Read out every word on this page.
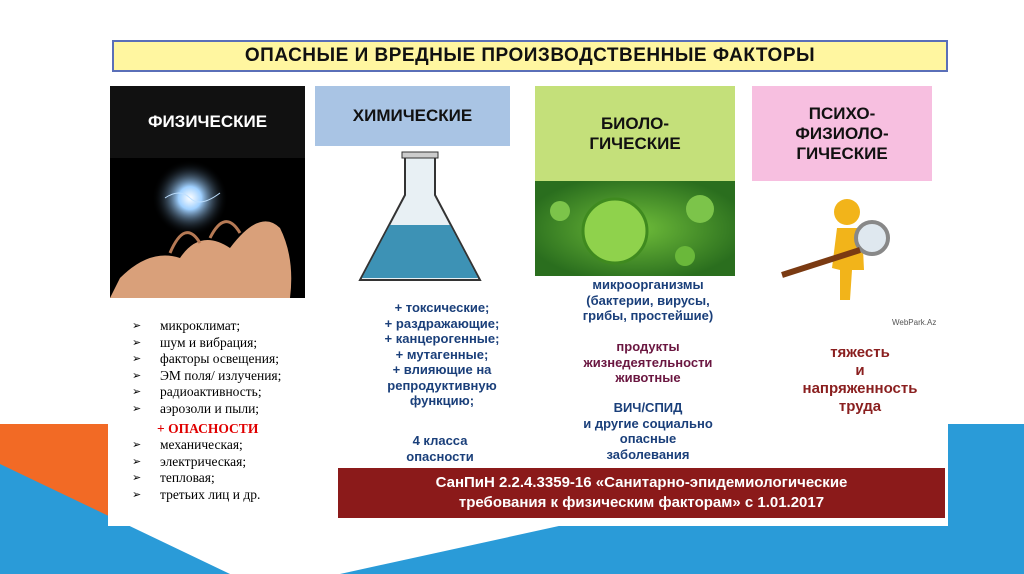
ОПАСНЫЕ И ВРЕДНЫЕ ПРОИЗВОДСТВЕННЫЕ ФАКТОРЫ
ФИЗИЧЕСКИЕ	ХИМИЧЕСКИЕ	БИОЛО-
ГИЧЕСКИЕ
ПСИХО-
ФИЗИОЛО-
ГИЧЕСКИЕ
WebPark.Az
➢	микроклимат;
➢	шум и вибрация;
➢	факторы освещения;
➢	ЭМ поля/ излучения;
➢	радиоактивность;
➢	аэрозоли и пыли;
+ ОПАСНОСТИ
➢	механическая;
➢	электрическая;
➢	тепловая;
➢	третьих лиц и др.
+ токсические;
+ раздражающие;
+ канцерогенные;
+ мутагенные;
+ влияющие на
репродуктивную
функцию;
4 класса
опасности
микроорганизмы
(бактерии, вирусы,
грибы, простейшие)
продукты
жизнедеятельности
животные
ВИЧ/СПИД
и другие социально
опасные
заболевания
тяжесть
и
напряженность
труда
СанПиН 2.2.4.3359-16 «Санитарно-эпидемиологические
требования к физическим факторам» с 1.01.2017
